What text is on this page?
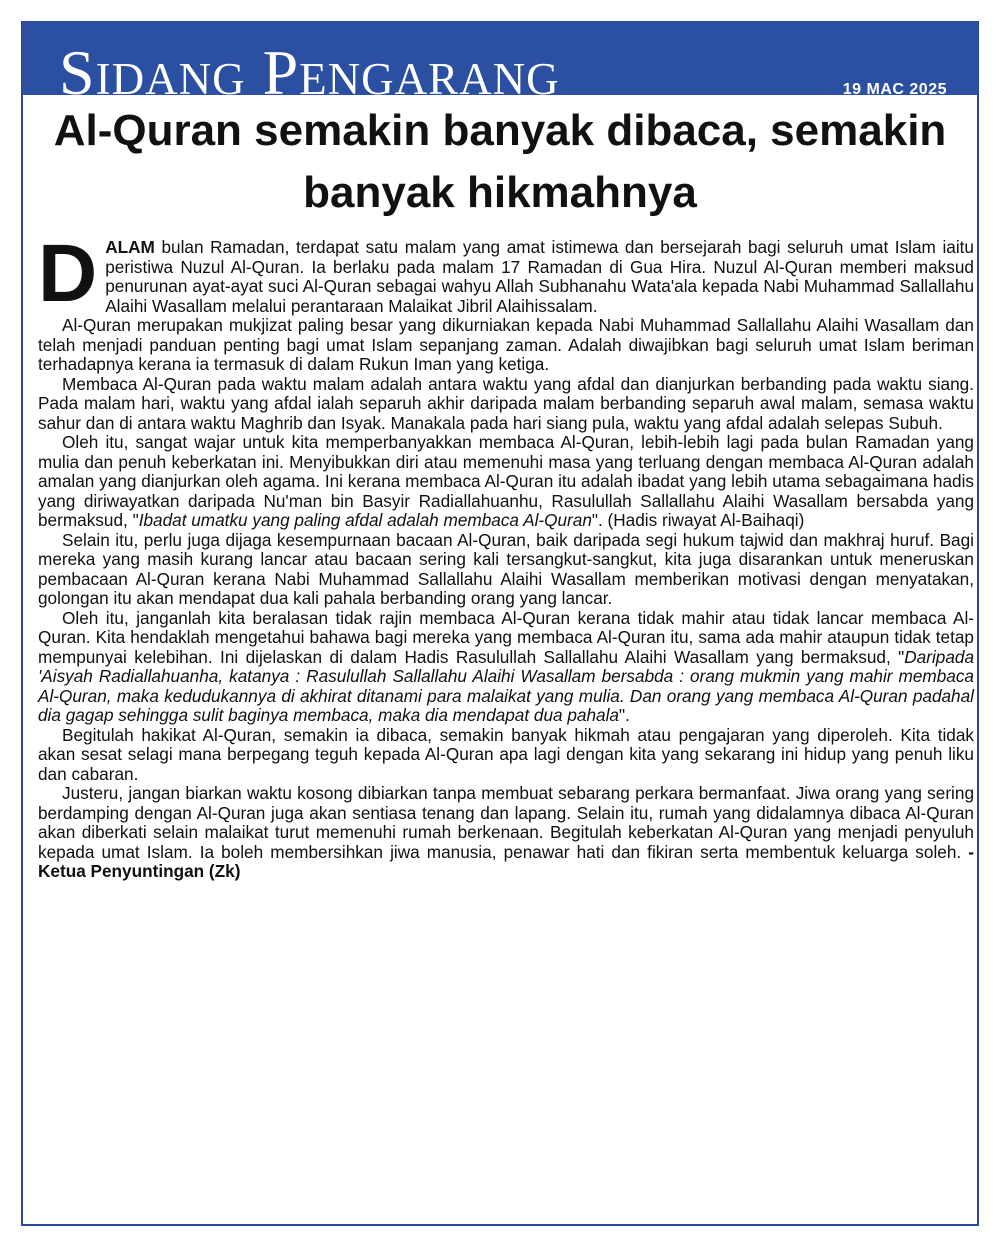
Sidang Pengarang	19 MAC 2025
Al-Quran semakin banyak dibaca, semakin banyak hikmahnya

DALAM bulan Ramadan, terdapat satu malam yang amat istimewa dan bersejarah bagi seluruh umat Islam iaitu peristiwa Nuzul Al-Quran. Ia berlaku pada malam 17 Ramadan di Gua Hira. Nuzul Al-Quran memberi maksud penurunan ayat-ayat suci Al-Quran sebagai wahyu Allah Subhanahu Wata'ala kepada Nabi Muhammad Sallallahu Alaihi Wasallam melalui perantaraan Malaikat Jibril Alaihissalam.

Al-Quran merupakan mukjizat paling besar yang dikurniakan kepada Nabi Muhammad Sallallahu Alaihi Wasallam dan telah menjadi panduan penting bagi umat Islam sepanjang zaman. Adalah diwajibkan bagi seluruh umat Islam beriman terhadapnya kerana ia termasuk di dalam Rukun Iman yang ketiga.

Membaca Al-Quran pada waktu malam adalah antara waktu yang afdal dan dianjurkan berbanding pada waktu siang. Pada malam hari, waktu yang afdal ialah separuh akhir daripada malam berbanding separuh awal malam, semasa waktu sahur dan di antara waktu Maghrib dan Isyak. Manakala pada hari siang pula, waktu yang afdal adalah selepas Subuh.

Oleh itu, sangat wajar untuk kita memperbanyakkan membaca Al-Quran, lebih-lebih lagi pada bulan Ramadan yang mulia dan penuh keberkatan ini. Menyibukkan diri atau memenuhi masa yang terluang dengan membaca Al-Quran adalah amalan yang dianjurkan oleh agama. Ini kerana membaca Al-Quran itu adalah ibadat yang lebih utama sebagaimana hadis yang diriwayatkan daripada Nu'man bin Basyir Radiallahuanhu, Rasulullah Sallallahu Alaihi Wasallam bersabda yang bermaksud, "Ibadat umatku yang paling afdal adalah membaca Al-Quran". (Hadis riwayat Al-Baihaqi)

Selain itu, perlu juga dijaga kesempurnaan bacaan Al-Quran, baik daripada segi hukum tajwid dan makhraj huruf. Bagi mereka yang masih kurang lancar atau bacaan sering kali tersangkut-sangkut, kita juga disarankan untuk meneruskan pembacaan Al-Quran kerana Nabi Muhammad Sallallahu Alaihi Wasallam memberikan motivasi dengan menyatakan, golongan itu akan mendapat dua kali pahala berbanding orang yang lancar.

Oleh itu, janganlah kita beralasan tidak rajin membaca Al-Quran kerana tidak mahir atau tidak lancar membaca Al-Quran. Kita hendaklah mengetahui bahawa bagi mereka yang membaca Al-Quran itu, sama ada mahir ataupun tidak tetap mempunyai kelebihan. Ini dijelaskan di dalam Hadis Rasulullah Sallallahu Alaihi Wasallam yang bermaksud, "Daripada 'Aisyah Radiallahuanha, katanya : Rasulullah Sallallahu Alaihi Wasallam bersabda : orang mukmin yang mahir membaca Al-Quran, maka kedudukannya di akhirat ditanami para malaikat yang mulia. Dan orang yang membaca Al-Quran padahal dia gagap sehingga sulit baginya membaca, maka dia mendapat dua pahala".

Begitulah hakikat Al-Quran, semakin ia dibaca, semakin banyak hikmah atau pengajaran yang diperoleh. Kita tidak akan sesat selagi mana berpegang teguh kepada Al-Quran apa lagi dengan kita yang sekarang ini hidup yang penuh liku dan cabaran.

Justeru, jangan biarkan waktu kosong dibiarkan tanpa membuat sebarang perkara bermanfaat. Jiwa orang yang sering berdamping dengan Al-Quran juga akan sentiasa tenang dan lapang. Selain itu, rumah yang didalamnya dibaca Al-Quran akan diberkati selain malaikat turut memenuhi rumah berkenaan. Begitulah keberkatan Al-Quran yang menjadi penyuluh kepada umat Islam. Ia boleh membersihkan jiwa manusia, penawar hati dan fikiran serta membentuk keluarga soleh. - Ketua Penyuntingan (Zk)
